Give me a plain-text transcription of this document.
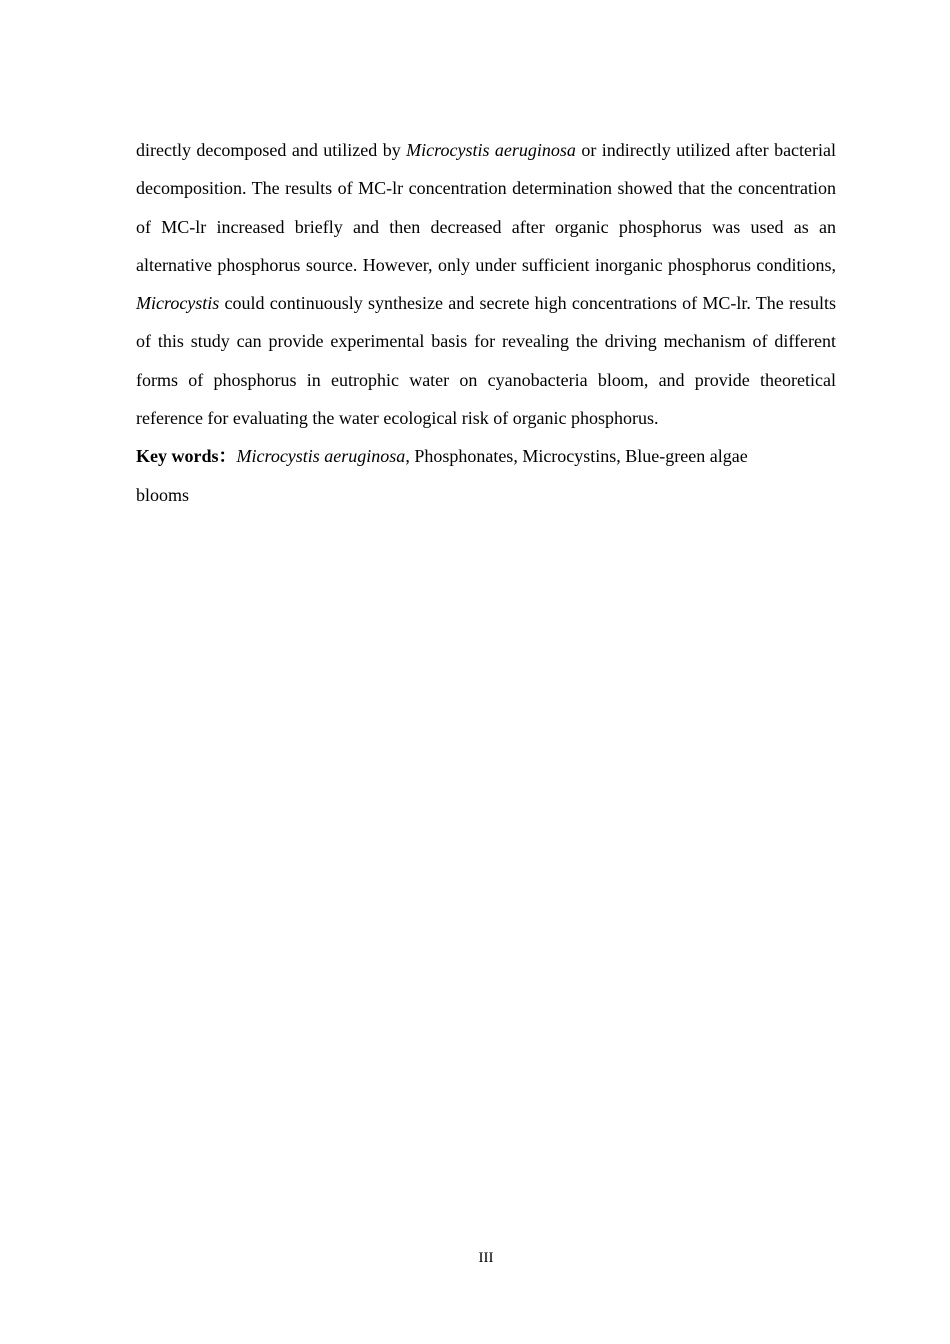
directly decomposed and utilized by Microcystis aeruginosa or indirectly utilized after bacterial decomposition. The results of MC-lr concentration determination showed that the concentration of MC-lr increased briefly and then decreased after organic phosphorus was used as an alternative phosphorus source. However, only under sufficient inorganic phosphorus conditions, Microcystis could continuously synthesize and secrete high concentrations of MC-lr. The results of this study can provide experimental basis for revealing the driving mechanism of different forms of phosphorus in eutrophic water on cyanobacteria bloom, and provide theoretical reference for evaluating the water ecological risk of organic phosphorus.

Key words：Microcystis aeruginosa, Phosphonates, Microcystins, Blue-green algae
blooms

III
